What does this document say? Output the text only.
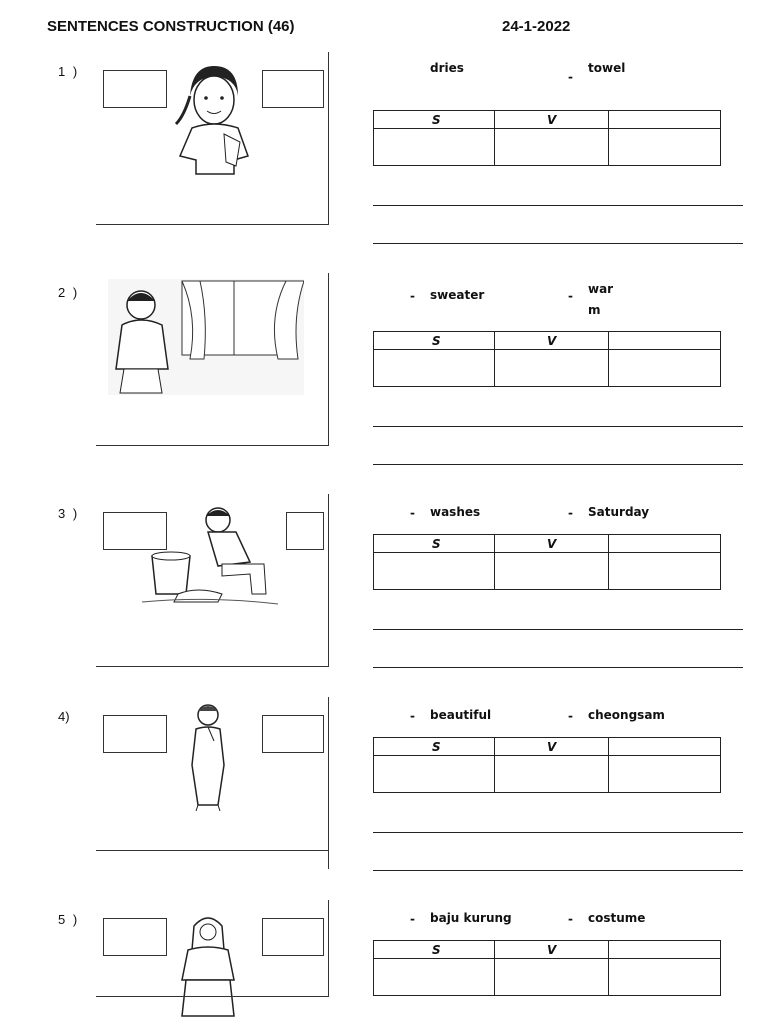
SENTENCES CONSTRUCTION (46)	24-1-2022
1 )	dries
-
towel
S	V	

2 )	- sweater	- warm
S	V	

3 )	- washes	- Saturday
S	V	

4)	- beautiful	- cheongsam
S	V	

5 )	- baju kurung	- costume
S	V	
